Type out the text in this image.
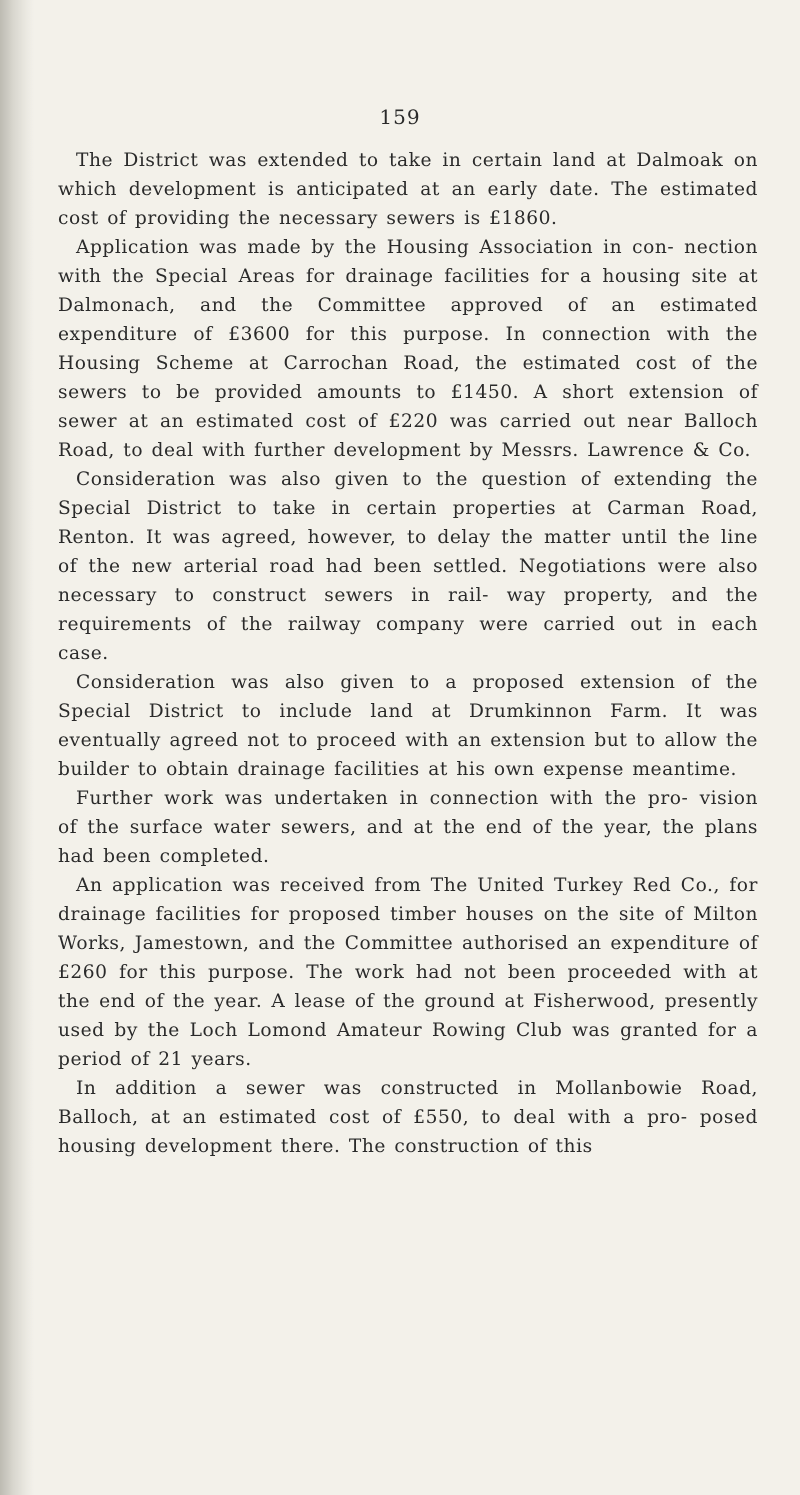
159

The District was extended to take in certain land at Dalmoak on which development is anticipated at an early date. The estimated cost of providing the necessary sewers is £1860.

Application was made by the Housing Association in con- nection with the Special Areas for drainage facilities for a housing site at Dalmonach, and the Committee approved of an estimated expenditure of £3600 for this purpose. In connection with the Housing Scheme at Carrochan Road, the estimated cost of the sewers to be provided amounts to £1450. A short extension of sewer at an estimated cost of £220 was carried out near Balloch Road, to deal with further development by Messrs. Lawrence & Co.

Consideration was also given to the question of extending the Special District to take in certain properties at Carman Road, Renton. It was agreed, however, to delay the matter until the line of the new arterial road had been settled. Negotiations were also necessary to construct sewers in rail- way property, and the requirements of the railway company were carried out in each case.

Consideration was also given to a proposed extension of the Special District to include land at Drumkinnon Farm. It was eventually agreed not to proceed with an extension but to allow the builder to obtain drainage facilities at his own expense meantime.

Further work was undertaken in connection with the pro- vision of the surface water sewers, and at the end of the year, the plans had been completed.

An application was received from The United Turkey Red Co., for drainage facilities for proposed timber houses on the site of Milton Works, Jamestown, and the Committee authorised an expenditure of £260 for this purpose. The work had not been proceeded with at the end of the year. A lease of the ground at Fisherwood, presently used by the Loch Lomond Amateur Rowing Club was granted for a period of 21 years.

In addition a sewer was constructed in Mollanbowie Road, Balloch, at an estimated cost of £550, to deal with a pro- posed housing development there. The construction of this
